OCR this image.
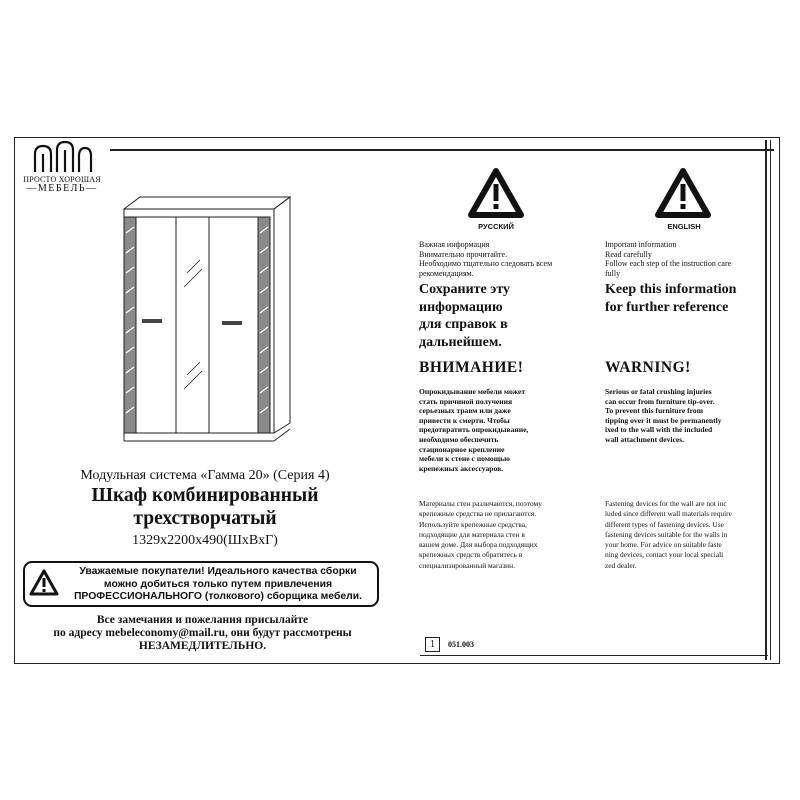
ПРОСТО ХОРОШАЯ
—МЕБЕЛЬ—
Модульная система «Гамма 20» (Серия 4)
Шкаф комбинированный
трехстворчатый
1329x2200x490(ШхВхГ)
Уважаемые покупатели! Идеального качества сборки
можно добиться только путем привлечения
ПРОФЕССИОНАЛЬНОГО (толкового) сборщика мебели.
Все замечания и пожелания присылайте
по адресу mebeleconomy@mail.ru, они будут рассмотрены
НЕЗАМЕДЛИТЕЛЬНО.
РУССКИЙ
Важная информация
Внимательно прочитайте.
Необходимо тщательно следовать всем
рекомендациям.
Сохраните эту
информацию
для справок в
дальнейшем.
ВНИМАНИЕ!
Опрокидывание мебели может
стать причиной получения
серьезных травм или даже
привести к смерти. Чтобы
предотвратить опрокидывание,
необходимо обеспечить
стационарное крепление
мебели к стене с помощью
крепежных аксессуаров.
Материалы стен различаются, поэтому
крепежные средства не прилагаются.
Используйте крепежные средства,
подходящие для материала стен в
вашем доме. Для выбора подходящих
крепежных средств обратитесь в
специализированный магазин.
ENGLISH
Important information
Read carefully
Follow each step of the instruction care
fully
Keep this information
for further reference
WARNING!
Serious or fatal crushing injuries
can occur from furniture tip-over.
To prevent this furniture from
tipping over it must be permanently
ixed to the wall with the included
wall attachment devices.
Fastening devices for the wall are not inc
luded since different wall materials require
different types of fastening devices. Use
fastening devices suitable for the walls in
your home. For advice on suitable faste
ning devices, contact your local speciali
zed dealer.
1	051.003
